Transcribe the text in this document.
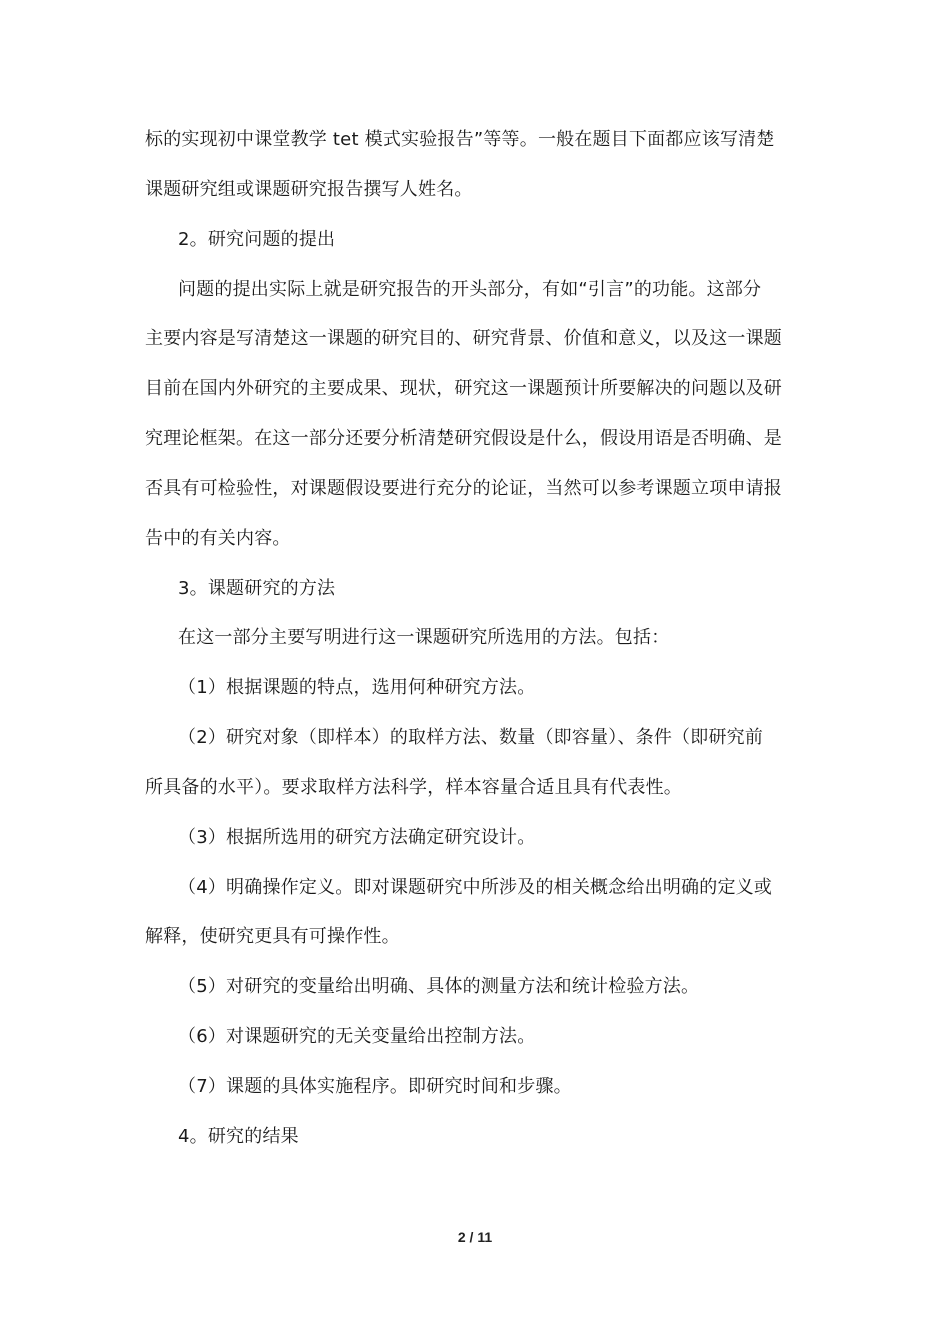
标的实现初中课堂教学 tet 模式实验报告”等等。一般在题目下面都应该写清楚
课题研究组或课题研究报告撰写人姓名。
2。研究问题的提出
问题的提出实际上就是研究报告的开头部分，有如“引言”的功能。这部分
主要内容是写清楚这一课题的研究目的、研究背景、价值和意义，以及这一课题
目前在国内外研究的主要成果、现状，研究这一课题预计所要解决的问题以及研
究理论框架。在这一部分还要分析清楚研究假设是什么，假设用语是否明确、是
否具有可检验性，对课题假设要进行充分的论证，当然可以参考课题立项申请报
告中的有关内容。
3。课题研究的方法
在这一部分主要写明进行这一课题研究所选用的方法。包括：
（1）根据课题的特点，选用何种研究方法。
（2）研究对象（即样本）的取样方法、数量（即容量）、条件（即研究前
所具备的水平）。要求取样方法科学，样本容量合适且具有代表性。
（3）根据所选用的研究方法确定研究设计。
（4）明确操作定义。即对课题研究中所涉及的相关概念给出明确的定义或
解释，使研究更具有可操作性。
（5）对研究的变量给出明确、具体的测量方法和统计检验方法。
（6）对课题研究的无关变量给出控制方法。
（7）课题的具体实施程序。即研究时间和步骤。
4。研究的结果
2 / 11
